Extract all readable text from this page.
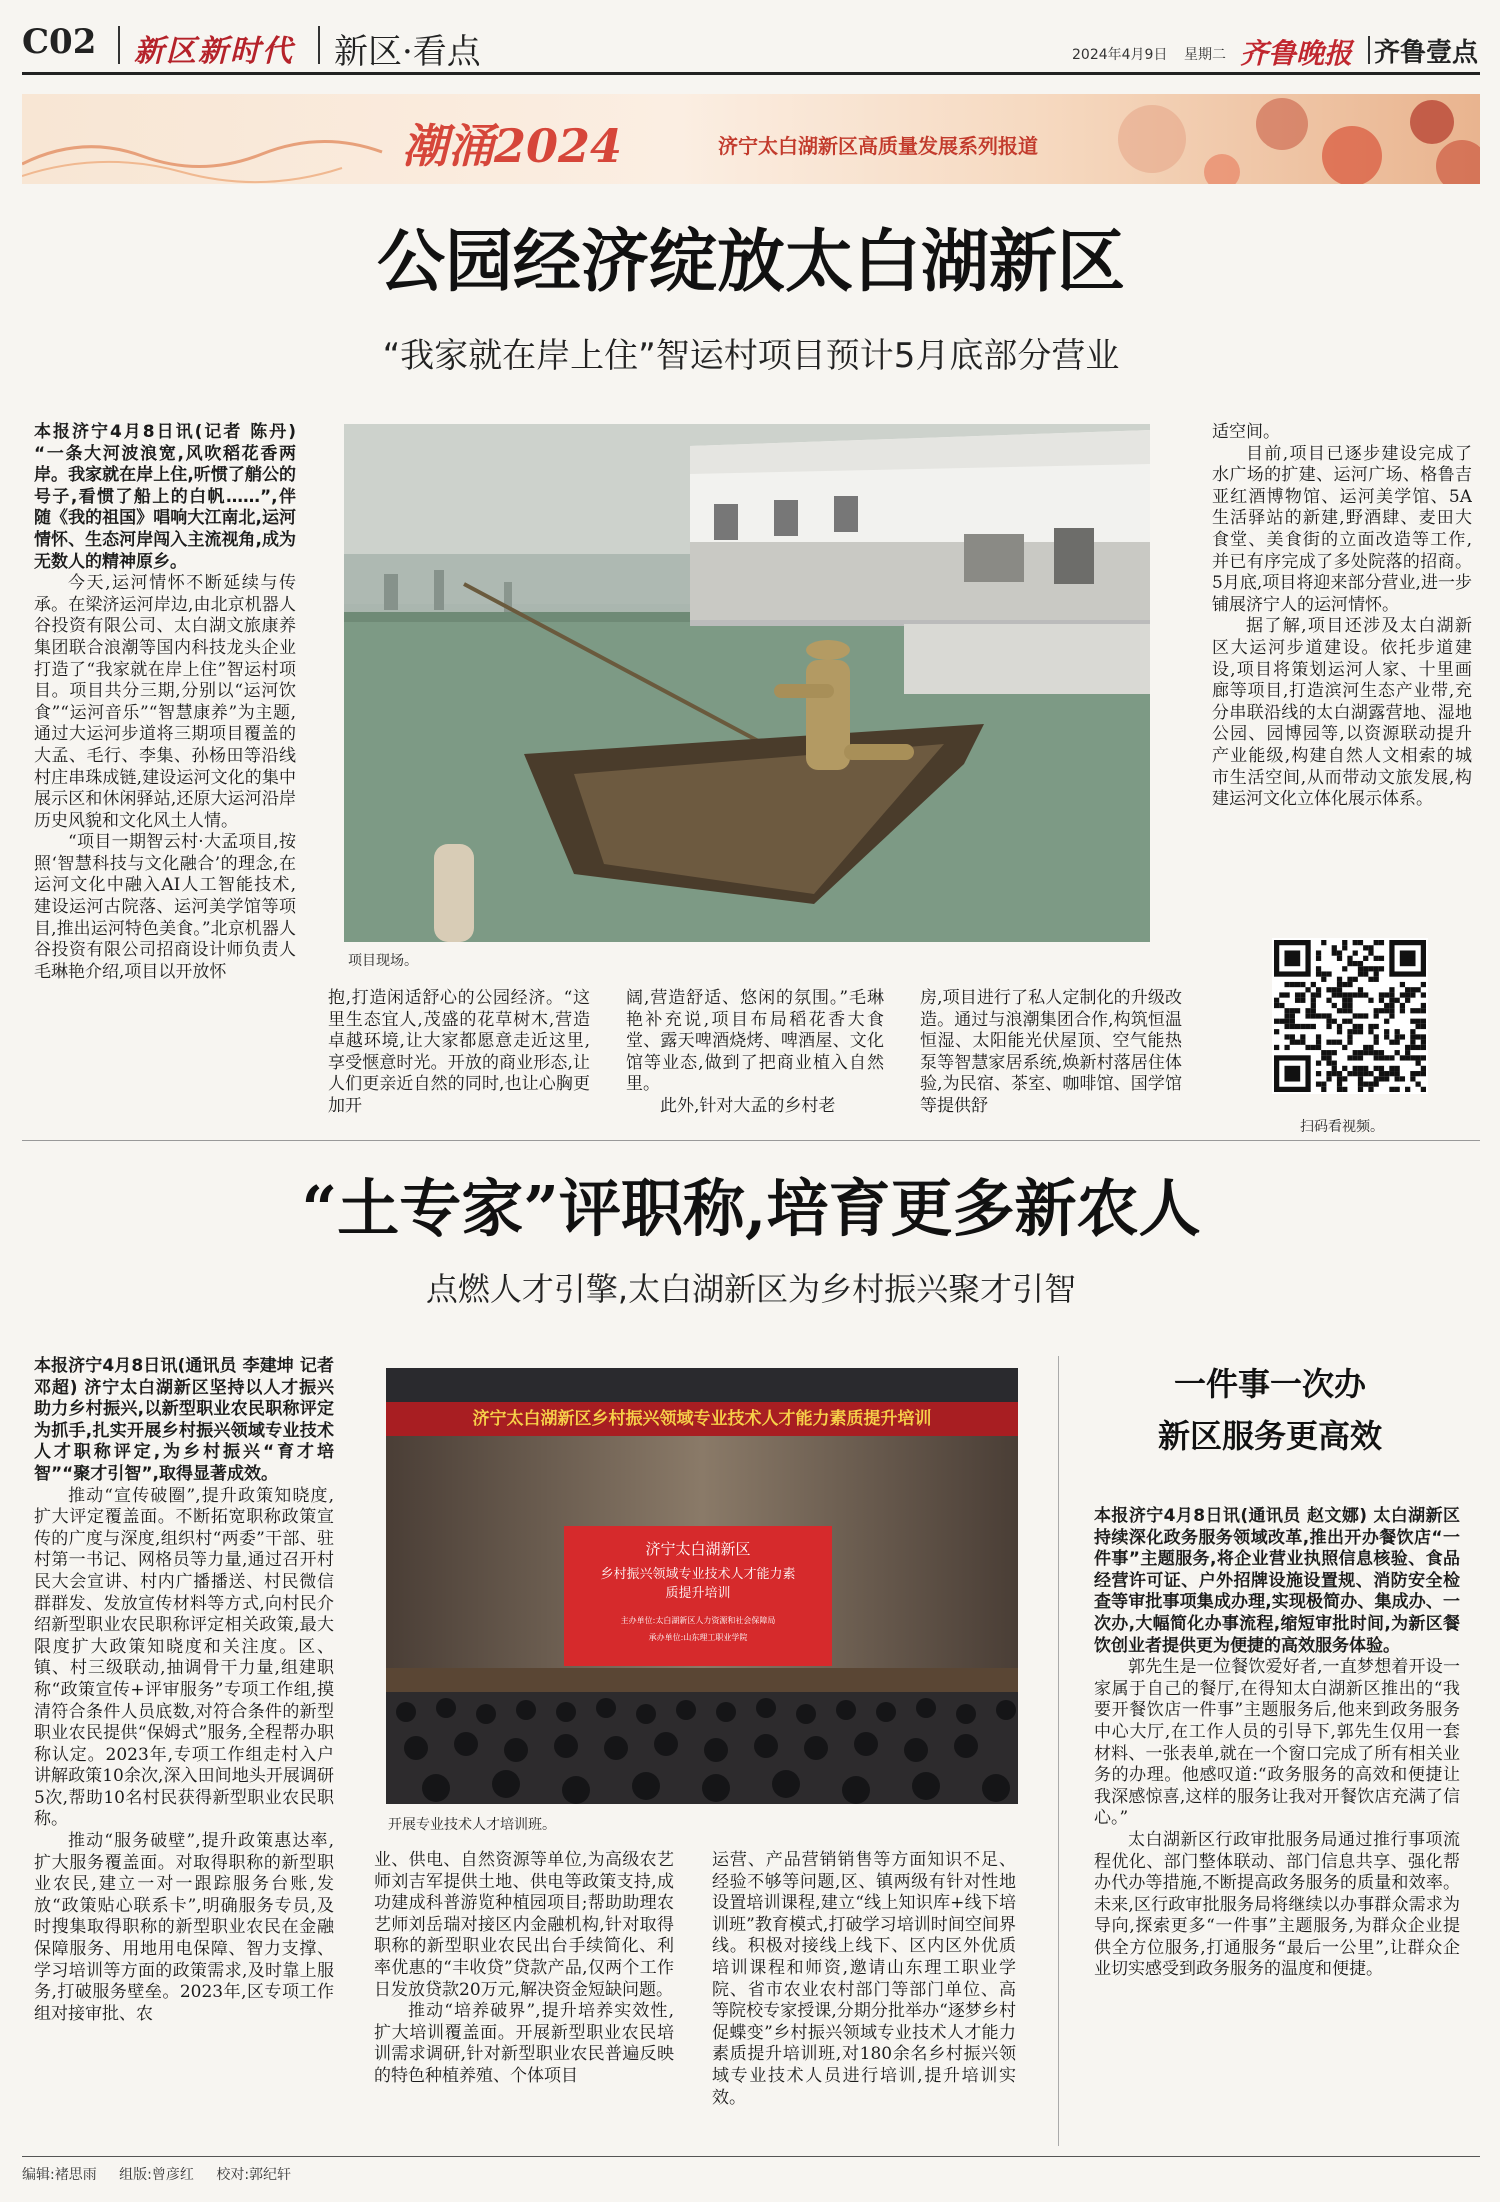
C02 新区新时代 新区·看点	2024年4月9日 星期二 齐鲁晚报 齐鲁壹点
潮涌2024	济宁太白湖新区高质量发展系列报道
公园经济绽放太白湖新区
“我家就在岸上住”智运村项目预计5月底部分营业

本报济宁4月8日讯(记者 陈丹) “一条大河波浪宽,风吹稻花香两岸。我家就在岸上住,听惯了艄公的号子,看惯了船上的白帆……”,伴随《我的祖国》唱响大江南北,运河情怀、生态河岸闯入主流视角,成为无数人的精神原乡。

今天,运河情怀不断延续与传承。在梁济运河岸边,由北京机器人谷投资有限公司、太白湖文旅康养集团联合浪潮等国内科技龙头企业打造了“我家就在岸上住”智运村项目。项目共分三期,分别以“运河饮食”“运河音乐”“智慧康养”为主题,通过大运河步道将三期项目覆盖的大孟、毛行、李集、孙杨田等沿线村庄串珠成链,建设运河文化的集中展示区和休闲驿站,还原大运河沿岸历史风貌和文化风土人情。

“项目一期智云村·大孟项目,按照‘智慧科技与文化融合’的理念,在运河文化中融入AI人工智能技术,建设运河古院落、运河美学馆等项目,推出运河特色美食。”北京机器人谷投资有限公司招商设计师负责人毛琳艳介绍,项目以开放怀

项目现场。

抱,打造闲适舒心的公园经济。“这里生态宜人,茂盛的花草树木,营造卓越环境,让大家都愿意走近这里,享受惬意时光。开放的商业形态,让人们更亲近自然的同时,也让心胸更加开

阔,营造舒适、悠闲的氛围。”毛琳艳补充说,项目布局稻花香大食堂、露天啤酒烧烤、啤酒屋、文化馆等业态,做到了把商业植入自然里。

此外,针对大孟的乡村老

房,项目进行了私人定制化的升级改造。通过与浪潮集团合作,构筑恒温恒湿、太阳能光伏屋顶、空气能热泵等智慧家居系统,焕新村落居住体验,为民宿、茶室、咖啡馆、国学馆等提供舒

适空间。

目前,项目已逐步建设完成了水广场的扩建、运河广场、格鲁吉亚红酒博物馆、运河美学馆、5A生活驿站的新建,野酒肆、麦田大食堂、美食街的立面改造等工作,并已有序完成了多处院落的招商。5月底,项目将迎来部分营业,进一步铺展济宁人的运河情怀。

据了解,项目还涉及太白湖新区大运河步道建设。依托步道建设,项目将策划运河人家、十里画廊等项目,打造滨河生态产业带,充分串联沿线的太白湖露营地、湿地公园、园博园等,以资源联动提升产业能级,构建自然人文相索的城市生活空间,从而带动文旅发展,构建运河文化立体化展示体系。

扫码看视频。
“土专家”评职称,培育更多新农人
点燃人才引擎,太白湖新区为乡村振兴聚才引智

本报济宁4月8日讯(通讯员 李建坤 记者 邓超) 济宁太白湖新区坚持以人才振兴助力乡村振兴,以新型职业农民职称评定为抓手,扎实开展乡村振兴领域专业技术人才职称评定,为乡村振兴“育才培智”“聚才引智”,取得显著成效。

推动“宣传破圈”,提升政策知晓度,扩大评定覆盖面。不断拓宽职称政策宣传的广度与深度,组织村“两委”干部、驻村第一书记、网格员等力量,通过召开村民大会宣讲、村内广播播送、村民微信群群发、发放宣传材料等方式,向村民介绍新型职业农民职称评定相关政策,最大限度扩大政策知晓度和关注度。区、镇、村三级联动,抽调骨干力量,组建职称“政策宣传+评审服务”专项工作组,摸清符合条件人员底数,对符合条件的新型职业农民提供“保姆式”服务,全程帮办职称认定。2023年,专项工作组走村入户讲解政策10余次,深入田间地头开展调研5次,帮助10名村民获得新型职业农民职称。

推动“服务破壁”,提升政策惠达率,扩大服务覆盖面。对取得职称的新型职业农民,建立一对一跟踪服务台账,发放“政策贴心联系卡”,明确服务专员,及时搜集取得职称的新型职业农民在金融保障服务、用地用电保障、智力支撑、学习培训等方面的政策需求,及时靠上服务,打破服务壁垒。2023年,区专项工作组对接审批、农

济宁太白湖新区乡村振兴领域专业技术人才能力素质提升培训
济宁太白湖新区
乡村振兴领域专业技术人才能力素
质提升培训
主办单位:太白湖新区人力资源和社会保障局
承办单位:山东理工职业学院
开展专业技术人才培训班。

业、供电、自然资源等单位,为高级农艺师刘吉军提供土地、供电等政策支持,成功建成科普游览种植园项目;帮助助理农艺师刘岳瑞对接区内金融机构,针对取得职称的新型职业农民出台手续简化、利率优惠的“丰收贷”贷款产品,仅两个工作日发放贷款20万元,解决资金短缺问题。

推动“培养破界”,提升培养实效性,扩大培训覆盖面。开展新型职业农民培训需求调研,针对新型职业农民普遍反映的特色种植养殖、个体项目

运营、产品营销销售等方面知识不足、经验不够等问题,区、镇两级有针对性地设置培训课程,建立“线上知识库+线下培训班”教育模式,打破学习培训时间空间界线。积极对接线上线下、区内区外优质培训课程和师资,邀请山东理工职业学院、省市农业农村部门等部门单位、高等院校专家授课,分期分批举办“逐梦乡村促蝶变”乡村振兴领域专业技术人才能力素质提升培训班,对180余名乡村振兴领域专业技术人员进行培训,提升培训实效。

一件事一次办
新区服务更高效

本报济宁4月8日讯(通讯员 赵文娜) 太白湖新区持续深化政务服务领域改革,推出开办餐饮店“一件事”主题服务,将企业营业执照信息核验、食品经营许可证、户外招牌设施设置规、消防安全检查等审批事项集成办理,实现极简办、集成办、一次办,大幅简化办事流程,缩短审批时间,为新区餐饮创业者提供更为便捷的高效服务体验。

郭先生是一位餐饮爱好者,一直梦想着开设一家属于自己的餐厅,在得知太白湖新区推出的“我要开餐饮店一件事”主题服务后,他来到政务服务中心大厅,在工作人员的引导下,郭先生仅用一套材料、一张表单,就在一个窗口完成了所有相关业务的办理。他感叹道:“政务服务的高效和便捷让我深感惊喜,这样的服务让我对开餐饮店充满了信心。”

太白湖新区行政审批服务局通过推行事项流程优化、部门整体联动、部门信息共享、强化帮办代办等措施,不断提高政务服务的质量和效率。未来,区行政审批服务局将继续以办事群众需求为导向,探索更多“一件事”主题服务,为群众企业提供全方位服务,打通服务“最后一公里”,让群众企业切实感受到政务服务的温度和便捷。

编辑:褚思雨 组版:曾彦红 校对:郭纪轩
